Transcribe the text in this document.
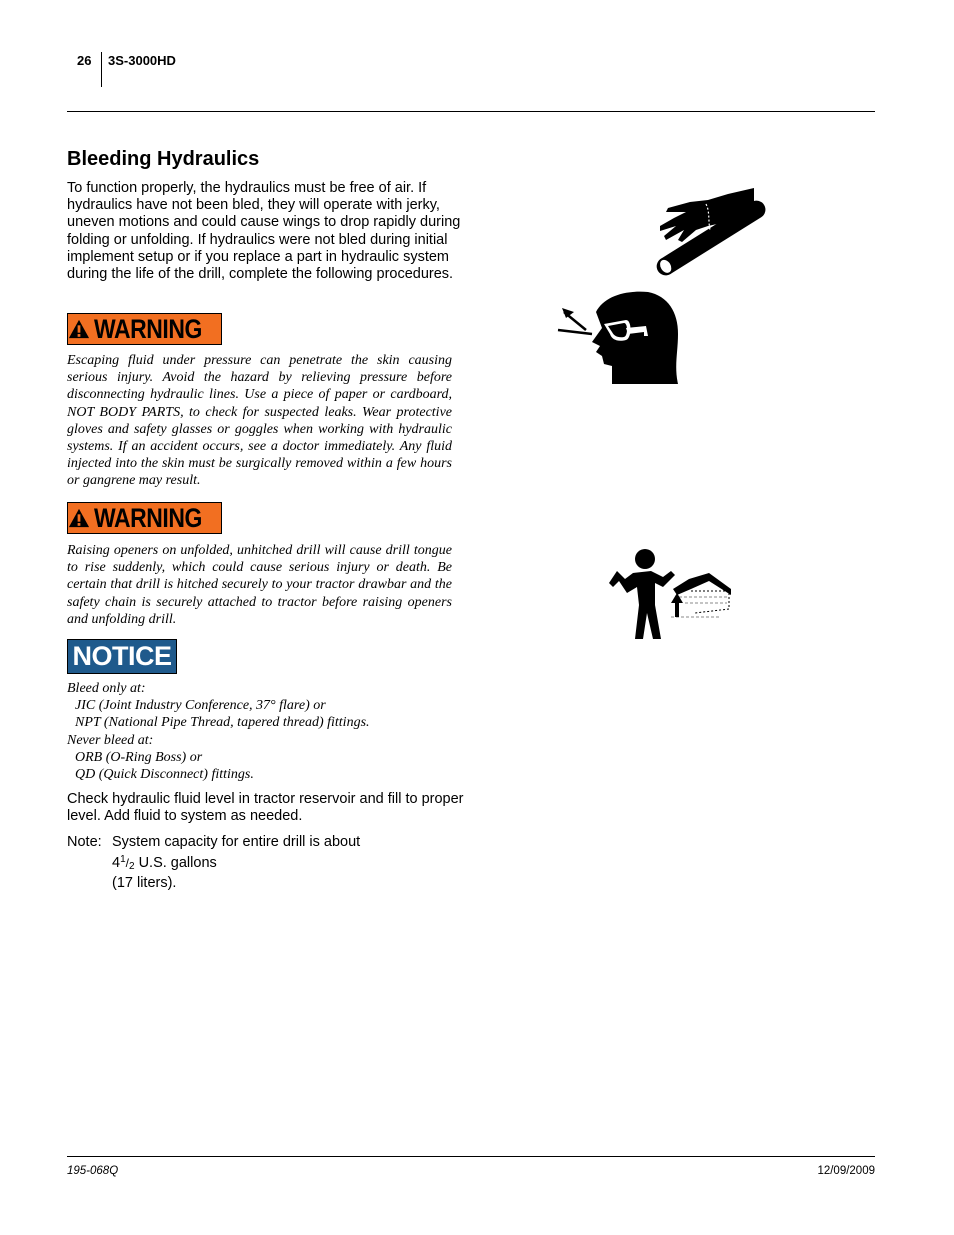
26 3S-3000HD
Bleeding Hydraulics
To function properly, the hydraulics must be free of air. If hydraulics have not been bled, they will operate with jerky, uneven motions and could cause wings to drop rapidly during folding or unfolding. If hydraulics were not bled during initial implement setup or if you replace a part in hydraulic system during the life of the drill, complete the following procedures.
WARNING
Escaping fluid under pressure can penetrate the skin causing serious injury. Avoid the hazard by relieving pressure before disconnecting hydraulic lines. Use a piece of paper or cardboard, NOT BODY PARTS, to check for suspected leaks. Wear protective gloves and safety glasses or goggles when working with hydraulic systems. If an accident occurs, see a doctor immediately. Any fluid injected into the skin must be surgically removed within a few hours or gangrene may result.
WARNING
Raising openers on unfolded, unhitched drill will cause drill tongue to rise suddenly, which could cause serious injury or death. Be certain that drill is hitched securely to your tractor drawbar and the safety chain is securely attached to tractor before raising openers and unfolding drill.
NOTICE
Bleed only at:
JIC (Joint Industry Conference, 37° flare) or
NPT (National Pipe Thread, tapered thread) fittings.
Never bleed at:
ORB (O-Ring Boss) or
QD (Quick Disconnect) fittings.
Check hydraulic fluid level in tractor reservoir and fill to proper level. Add fluid to system as needed.
Note: System capacity for entire drill is about
$4^1/_2$ U.S. gallons
(17 liters).
195-068Q	12/09/2009
